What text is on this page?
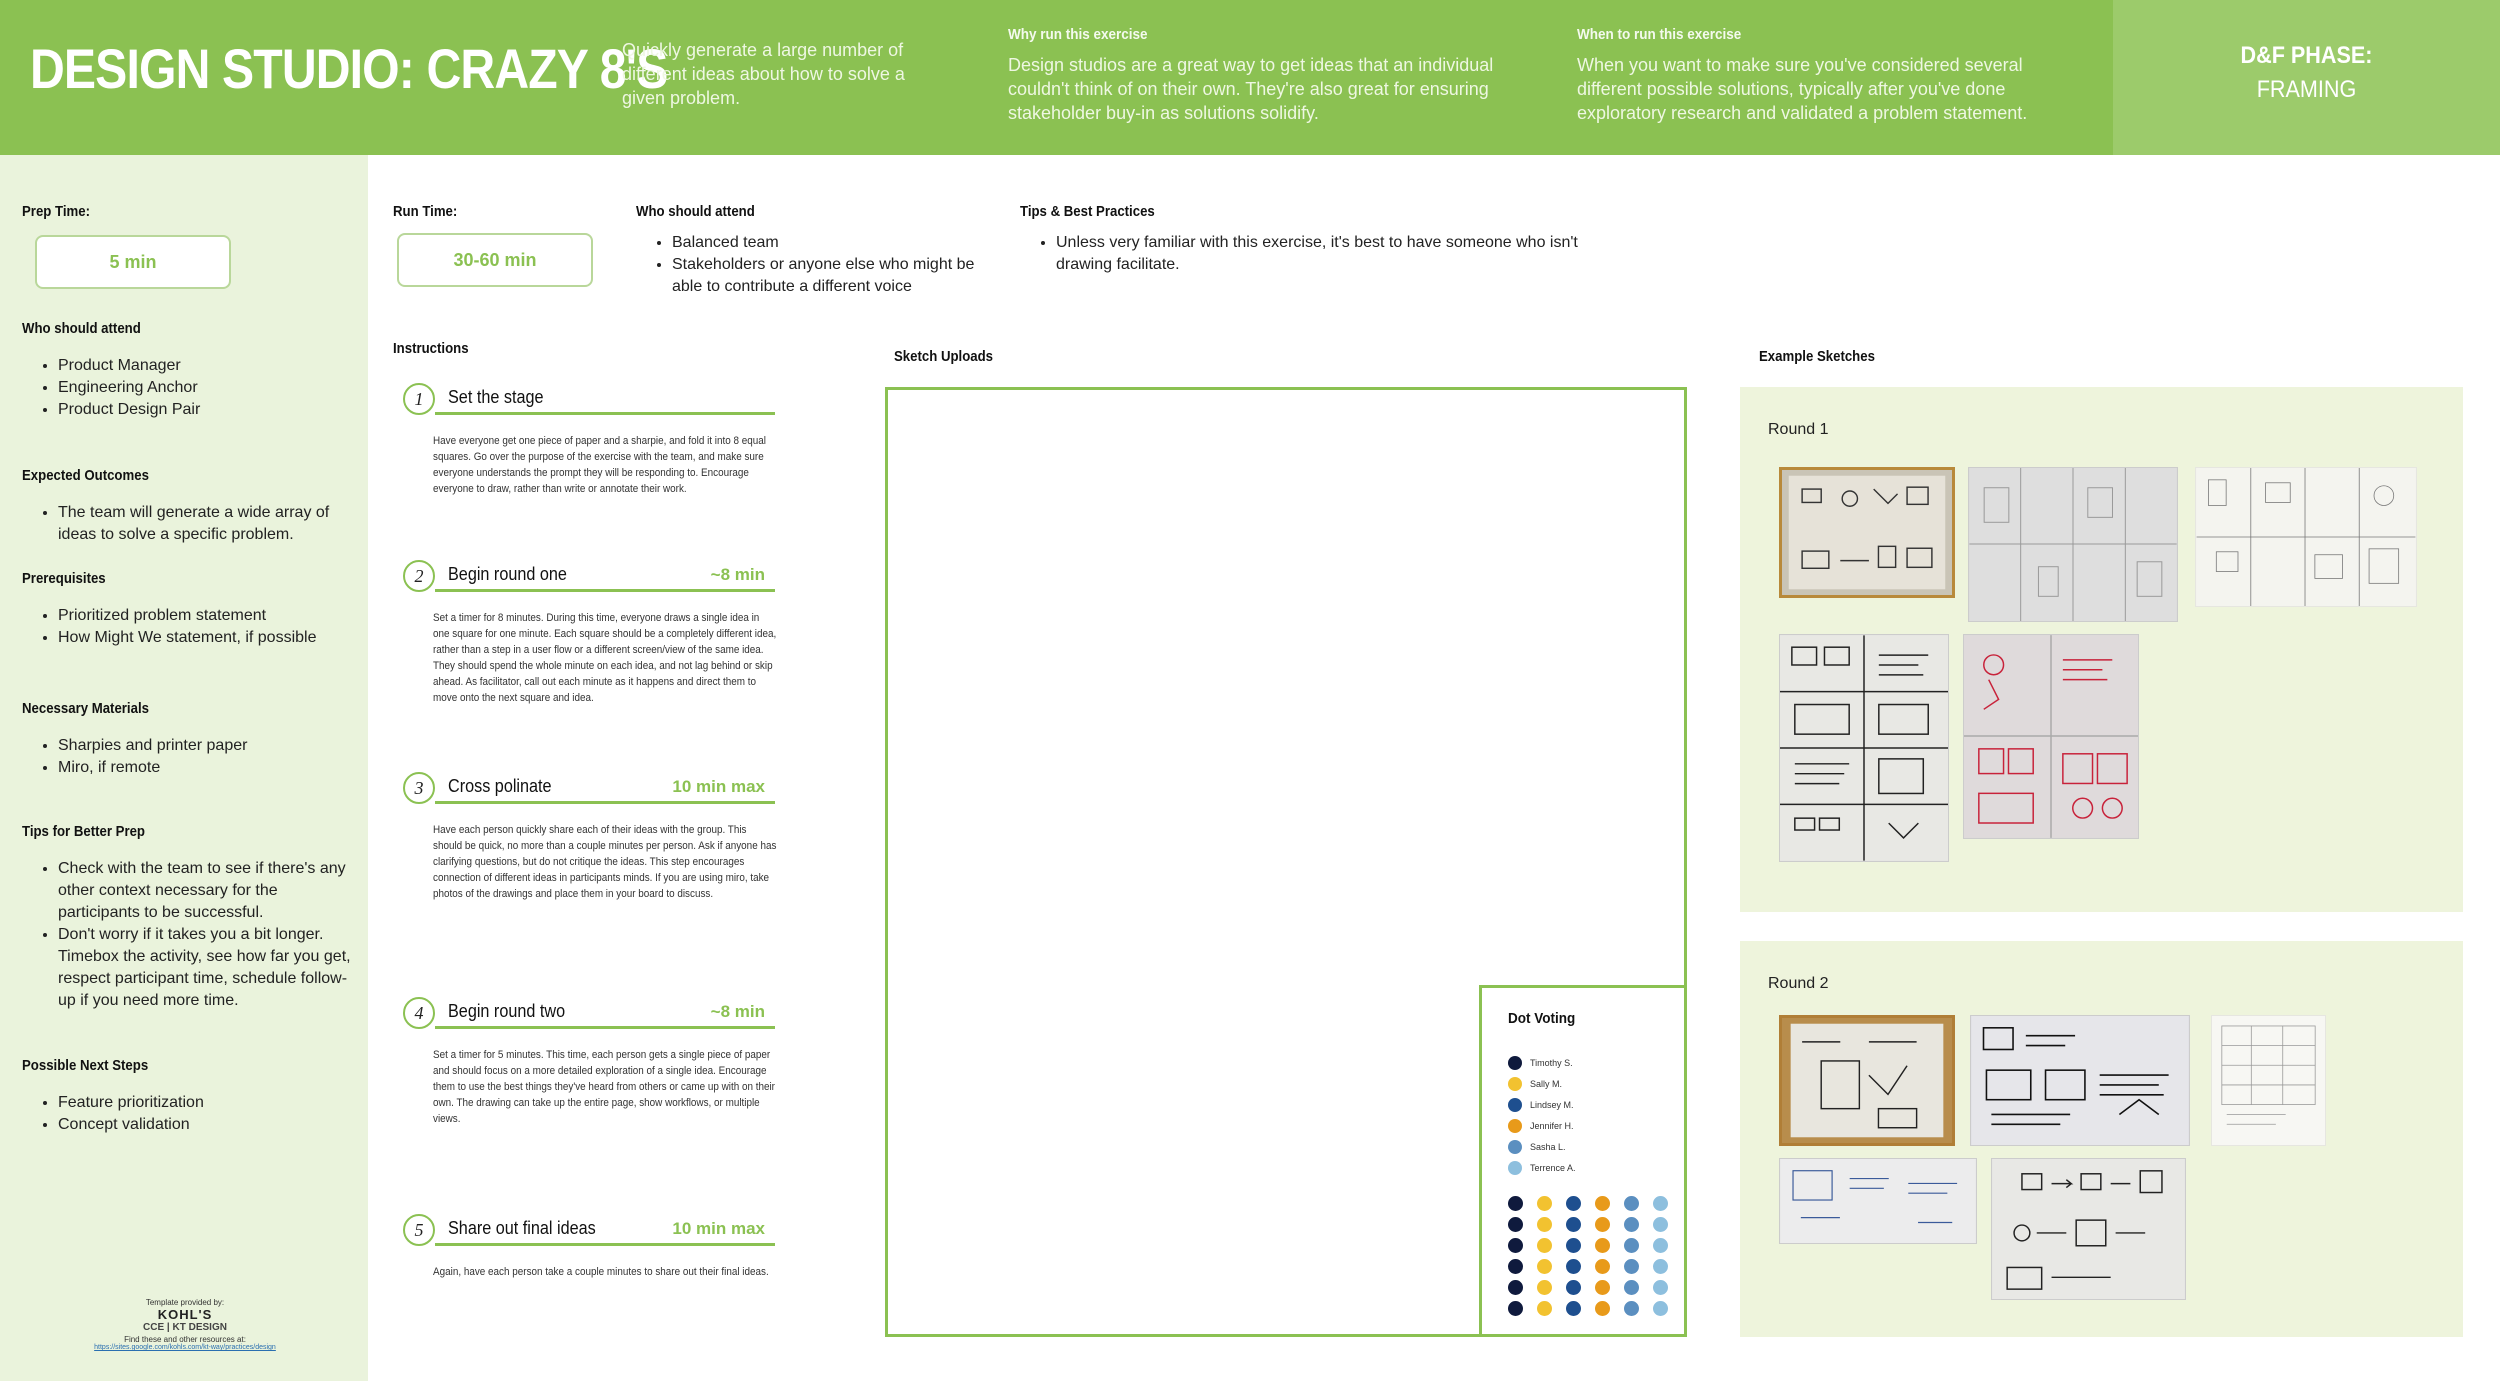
DESIGN STUDIO: CRAZY 8'S
Quickly generate a large number of different ideas about how to solve a given problem.
Why run this exercise
Design studios are a great way to get ideas that an individual couldn't think of on their own. They're also great for ensuring stakeholder buy-in as solutions solidify.
When to run this exercise
When you want to make sure you've considered several different possible solutions, typically after you've done exploratory research and validated a problem statement.
D&F PHASE:
FRAMING
Prep Time:
5 min
Who should attend
• Product Manager
• Engineering Anchor
• Product Design Pair
Expected Outcomes
• The team will generate a wide array of ideas to solve a specific problem.
Prerequisites
• Prioritized problem statement
• How Might We statement, if possible
Necessary Materials
• Sharpies and printer paper
• Miro, if remote
Tips for Better Prep
• Check with the team to see if there's any other context necessary for the participants to be successful.
• Don't worry if it takes you a bit longer. Timebox the activity, see how far you get, respect participant time, schedule follow-up if you need more time.
Possible Next Steps
• Feature prioritization
• Concept validation
Template provided by:
KOHL'S
CCE | KT DESIGN
Find these and other resources at:
https://sites.google.com/kohls.com/kt-way/practices/design
Run Time:
30-60 min
Who should attend
• Balanced team
• Stakeholders or anyone else who might be able to contribute a different voice
Tips & Best Practices
• Unless very familiar with this exercise, it's best to have someone who isn't drawing facilitate.
Instructions
1	Set the stage
Have everyone get one piece of paper and a sharpie, and fold it into 8 equal squares. Go over the purpose of the exercise with the team, and make sure everyone understands the prompt they will be responding to. Encourage everyone to draw, rather than write or annotate their work.
2	Begin round one	~8 min
Set a timer for 8 minutes. During this time, everyone draws a single idea in one square for one minute. Each square should be a completely different idea, rather than a step in a user flow or a different screen/view of the same idea. They should spend the whole minute on each idea, and not lag behind or skip ahead. As facilitator, call out each minute as it happens and direct them to move onto the next square and idea.
3	Cross polinate	10 min max
Have each person quickly share each of their ideas with the group. This should be quick, no more than a couple minutes per person. Ask if anyone has clarifying questions, but do not critique the ideas. This step encourages connection of different ideas in participants minds. If you are using miro, take photos of the drawings and place them in your board to discuss.
4	Begin round two	~8 min
Set a timer for 5 minutes. This time, each person gets a single piece of paper and should focus on a more detailed exploration of a single idea. Encourage them to use the best things they've heard from others or came up with on their own. The drawing can take up the entire page, show workflows, or multiple views.
5	Share out final ideas	10 min max
Again, have each person take a couple minutes to share out their final ideas.
Sketch Uploads
Dot Voting
Timothy S.
Sally M.
Lindsey M.
Jennifer H.
Sasha L.
Terrence A.
Example Sketches
Round 1
Round 2
